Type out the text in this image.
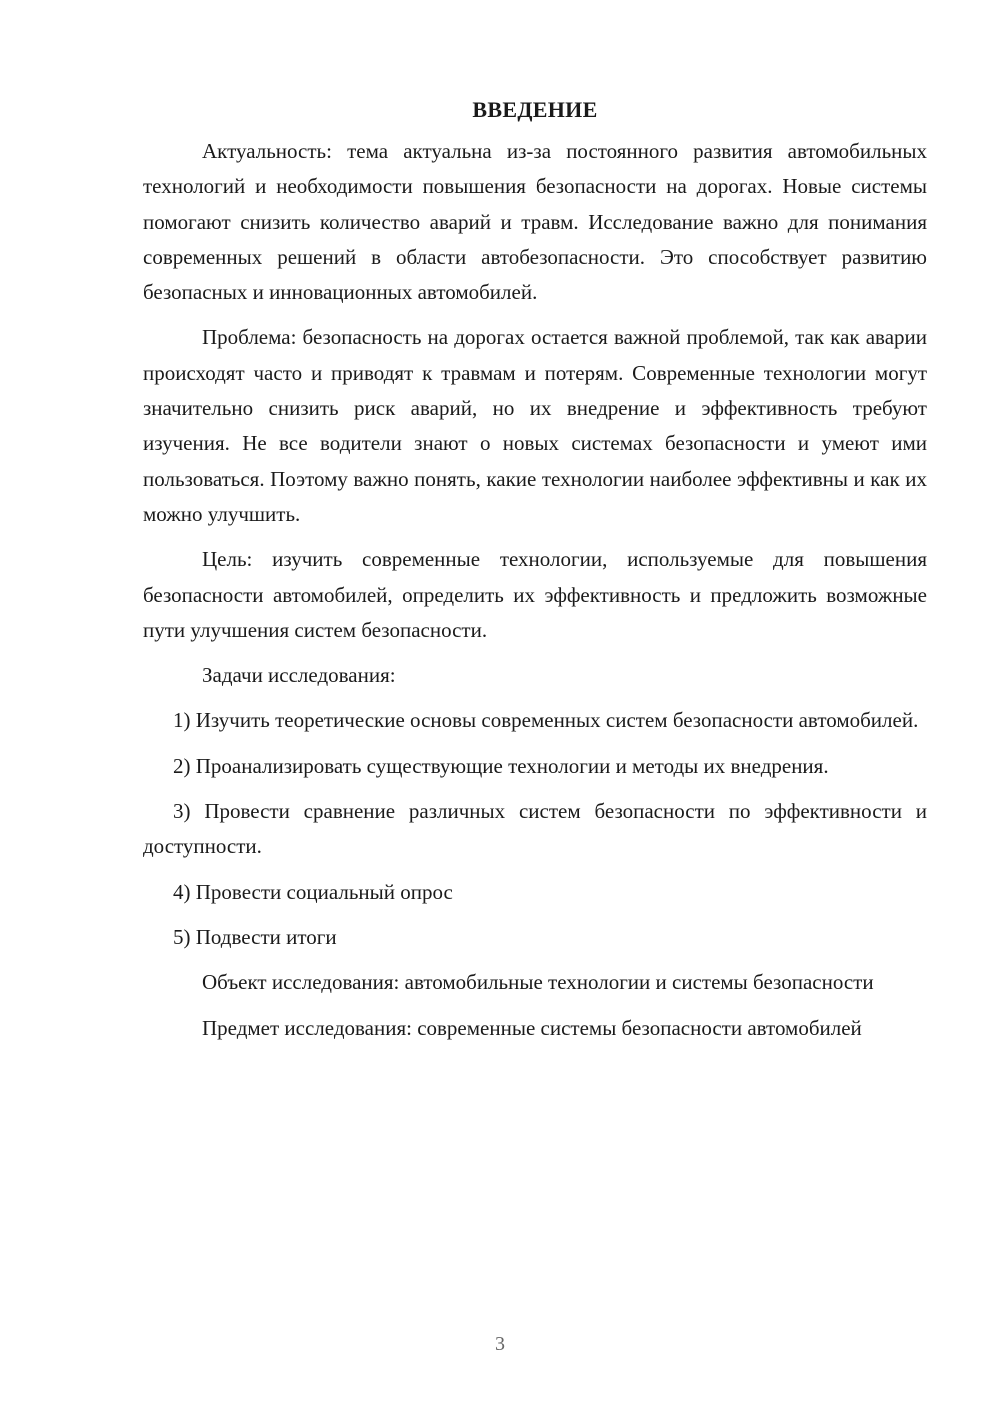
ВВЕДЕНИЕ

Актуальность: тема актуальна из-за постоянного развития автомобильных технологий и необходимости повышения безопасности на дорогах. Новые системы помогают снизить количество аварий и травм. Исследование важно для понимания современных решений в области автобезопасности. Это способствует развитию безопасных и инновационных автомобилей.

Проблема: безопасность на дорогах остается важной проблемой, так как аварии происходят часто и приводят к травмам и потерям. Современные технологии могут значительно снизить риск аварий, но их внедрение и эффективность требуют изучения. Не все водители знают о новых системах безопасности и умеют ими пользоваться. Поэтому важно понять, какие технологии наиболее эффективны и как их можно улучшить.

Цель: изучить современные технологии, используемые для повышения безопасности автомобилей, определить их эффективность и предложить возможные пути улучшения систем безопасности.

Задачи исследования:

1) Изучить теоретические основы современных систем безопасности автомобилей.

2) Проанализировать существующие технологии и методы их внедрения.

3) Провести сравнение различных систем безопасности по эффективности и доступности.

4) Провести социальный опрос

5) Подвести итоги

Объект исследования: автомобильные технологии и системы безопасности

Предмет исследования: современные системы безопасности автомобилей

3
